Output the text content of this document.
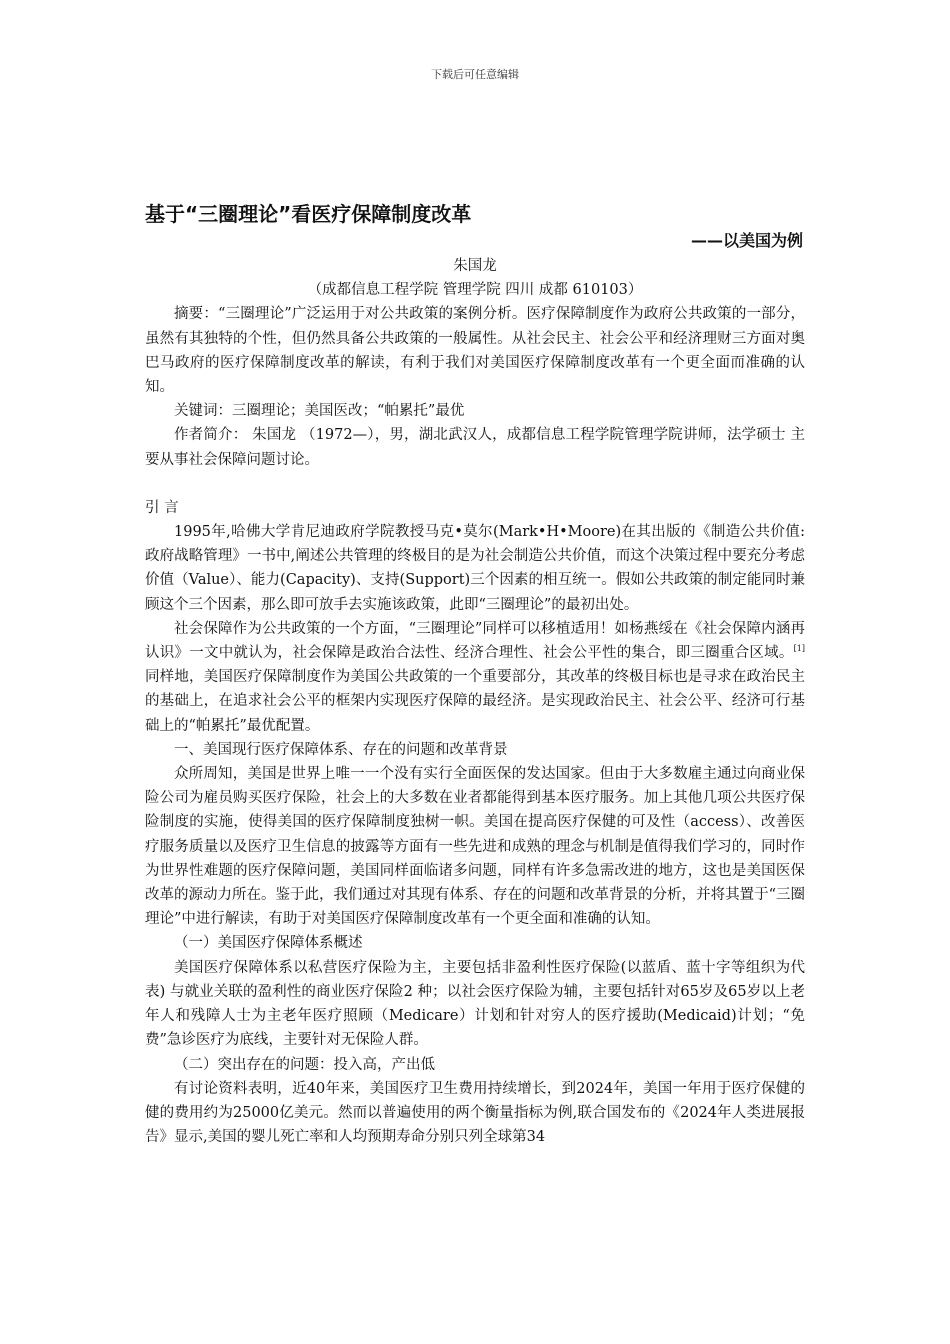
下载后可任意编辑
基于“三圈理论”看医疗保障制度改革
——以美国为例
朱国龙
（成都信息工程学院 管理学院 四川 成都 610103）

摘要：“三圈理论”广泛运用于对公共政策的案例分析。医疗保障制度作为政府公共政策的一部分，虽然有其独特的个性，但仍然具备公共政策的一般属性。从社会民主、社会公平和经济理财三方面对奥巴马政府的医疗保障制度改革的解读，有利于我们对美国医疗保障制度改革有一个更全面而准确的认知。

关键词：三圈理论；美国医改；“帕累托”最优

作者简介： 朱国龙 （1972—），男，湖北武汉人，成都信息工程学院管理学院讲师，法学硕士 主要从事社会保障问题讨论。

引 言

1995年,哈佛大学肯尼迪政府学院教授马克•莫尔(Mark•H•Moore)在其出版的《制造公共价值:政府战略管理》一书中,阐述公共管理的终极目的是为社会制造公共价值，而这个决策过程中要充分考虑价值（Value）、能力(Capacity)、支持(Support)三个因素的相互统一。假如公共政策的制定能同时兼顾这个三个因素，那么即可放手去实施该政策，此即“三圈理论”的最初出处。

社会保障作为公共政策的一个方面，“三圈理论”同样可以移植适用！如杨燕绥在《社会保障内涵再认识》一文中就认为，社会保障是政治合法性、经济合理性、社会公平性的集合，即三圈重合区域。[1]同样地，美国医疗保障制度作为美国公共政策的一个重要部分，其改革的终极目标也是寻求在政治民主的基础上，在追求社会公平的框架内实现医疗保障的最经济。是实现政治民主、社会公平、经济可行基础上的“帕累托”最优配置。

一、美国现行医疗保障体系、存在的问题和改革背景

众所周知，美国是世界上唯一一个没有实行全面医保的发达国家。但由于大多数雇主通过向商业保险公司为雇员购买医疗保险，社会上的大多数在业者都能得到基本医疗服务。加上其他几项公共医疗保险制度的实施，使得美国的医疗保障制度独树一帜。美国在提高医疗保健的可及性（access）、改善医疗服务质量以及医疗卫生信息的披露等方面有一些先进和成熟的理念与机制是值得我们学习的，同时作为世界性难题的医疗保障问题，美国同样面临诸多问题，同样有许多急需改进的地方，这也是美国医保改革的源动力所在。鉴于此，我们通过对其现有体系、存在的问题和改革背景的分析，并将其置于“三圈理论”中进行解读，有助于对美国医疗保障制度改革有一个更全面和准确的认知。

（一）美国医疗保障体系概述

美国医疗保障体系以私营医疗保险为主，主要包括非盈利性医疗保险(以蓝盾、蓝十字等组织为代表) 与就业关联的盈利性的商业医疗保险2 种；以社会医疗保险为辅，主要包括针对65岁及65岁以上老年人和残障人士为主老年医疗照顾（Medicare）计划和针对穷人的医疗援助(Medicaid)计划；“免费”急诊医疗为底线，主要针对无保险人群。

（二）突出存在的问题：投入高，产出低

有讨论资料表明，近40年来，美国医疗卫生费用持续增长，到2024年，美国一年用于医疗保健的健的费用约为25000亿美元。然而以普遍使用的两个衡量指标为例,联合国发布的《2024年人类进展报告》显示,美国的婴儿死亡率和人均预期寿命分别只列全球第34
